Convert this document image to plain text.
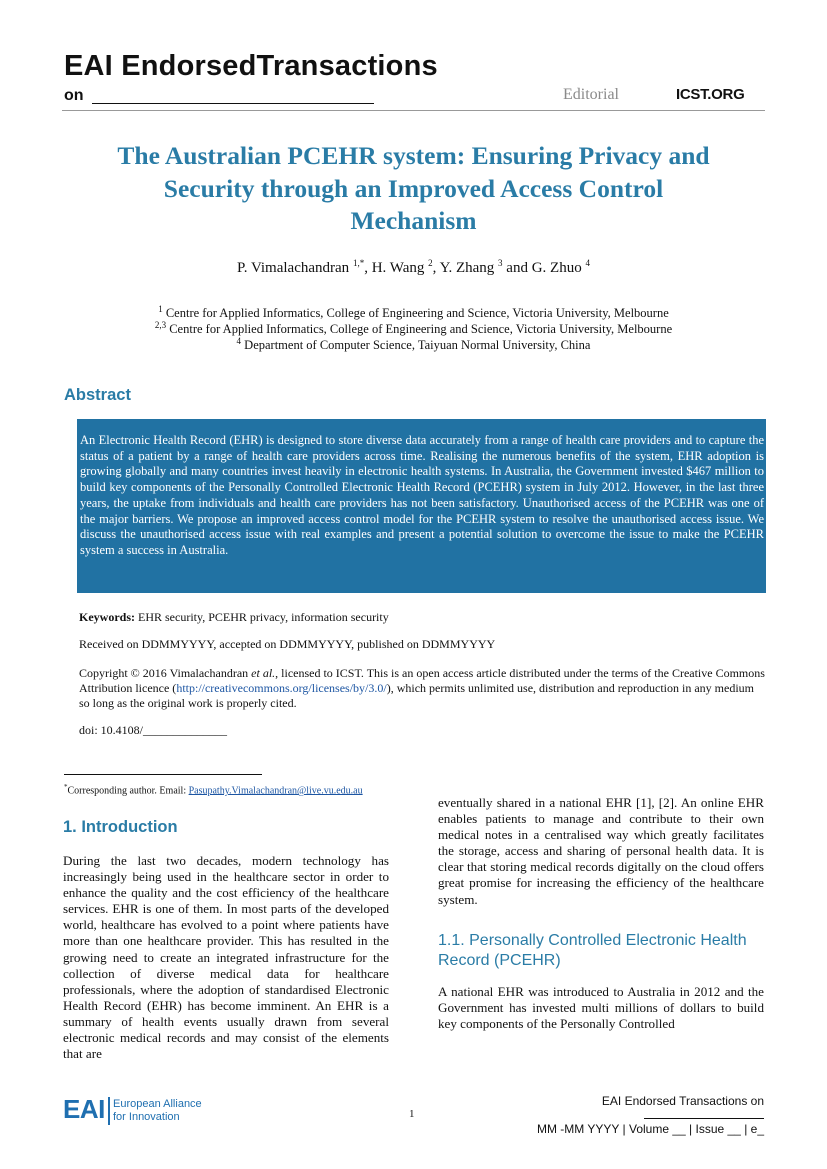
EAI EndorsedTransactions
on	Editorial	ICST.ORG
The Australian PCEHR system: Ensuring Privacy and
Security through an Improved Access Control
Mechanism
P. Vimalachandran $^{1,*}$, H. Wang $^2$, Y. Zhang $^3$ and G. Zhuo $^4$
$^1$ Centre for Applied Informatics, College of Engineering and Science, Victoria University, Melbourne
$^{2,3}$ Centre for Applied Informatics, College of Engineering and Science, Victoria University, Melbourne
$^4$ Department of Computer Science, Taiyuan Normal University, China
Abstract

An Electronic Health Record (EHR) is designed to store diverse data accurately from a range of health care providers and to capture the status of a patient by a range of health care providers across time. Realising the numerous benefits of the system, EHR adoption is growing globally and many countries invest heavily in electronic health systems. In Australia, the Government invested $467 million to build key components of the Personally Controlled Electronic Health Record (PCEHR) system in July 2012. However, in the last three years, the uptake from individuals and health care providers has not been satisfactory. Unauthorised access of the PCEHR was one of the major barriers. We propose an improved access control model for the PCEHR system to resolve the unauthorised access issue. We discuss the unauthorised access issue with real examples and present a potential solution to overcome the issue to make the PCEHR system a success in Australia.

Keywords: EHR security, PCEHR privacy, information security
Received on DDMMYYYY, accepted on DDMMYYYY, published on DDMMYYYY
Copyright © 2016 Vimalachandran et al., licensed to ICST. This is an open access article distributed under the terms of the Creative Commons Attribution licence (http://creativecommons.org/licenses/by/3.0/), which permits unlimited use, distribution and reproduction in any medium so long as the original work is properly cited.
doi: 10.4108/______________
*Corresponding author. Email: Pasupathy.Vimalachandran@live.vu.edu.au
1. Introduction

During the last two decades, modern technology has increasingly being used in the healthcare sector in order to enhance the quality and the cost efficiency of the healthcare services. EHR is one of them. In most parts of the developed world, healthcare has evolved to a point where patients have more than one healthcare provider. This has resulted in the growing need to create an integrated infrastructure for the collection of diverse medical data for healthcare professionals, where the adoption of standardised Electronic Health Record (EHR) has become imminent. An EHR is a summary of health events usually drawn from several electronic medical records and may consist of the elements that are

eventually shared in a national EHR [1], [2]. An online EHR enables patients to manage and contribute to their own medical notes in a centralised way which greatly facilitates the storage, access and sharing of personal health data. It is clear that storing medical records digitally on the cloud offers great promise for increasing the efficiency of the healthcare system.

1.1. Personally Controlled Electronic Health Record (PCEHR)

A national EHR was introduced to Australia in 2012 and the Government has invested multi millions of dollars to build key components of the Personally Controlled

EAI European Alliance
for Innovation	1
EAI Endorsed Transactions on
MM -MM YYYY | Volume __ | Issue __ | e_
